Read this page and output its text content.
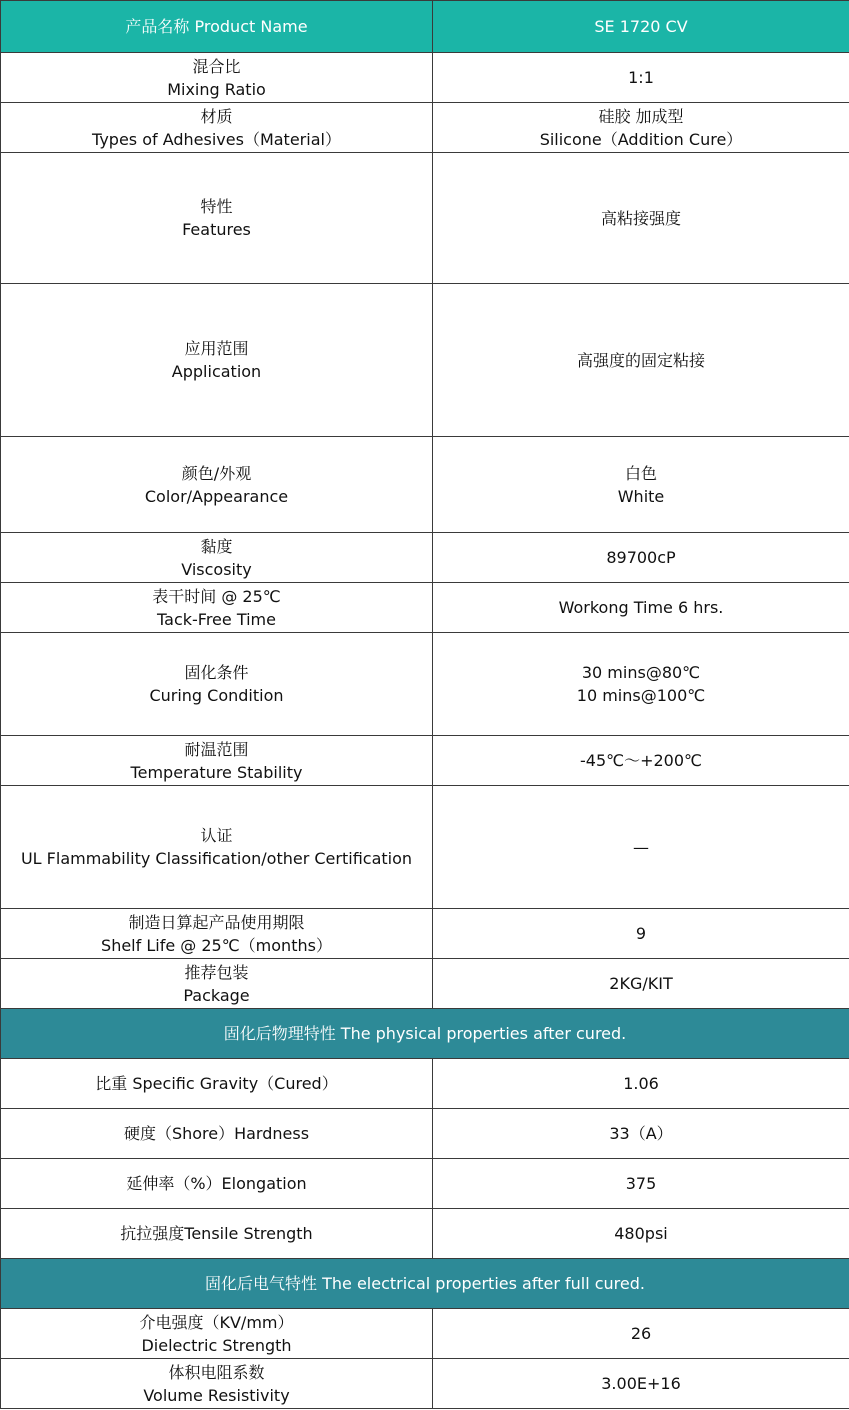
产品名称 Product Name	SE 1720 CV

混合比
Mixing Ratio	1:1

材质
Types of Adhesives（Material）	硅胶 加成型
Silicone（Addition Cure）

特性
Features	高粘接强度

应用范围
Application	高强度的固定粘接

颜色/外观
Color/Appearance	白色
White

黏度
Viscosity	89700cP

表干时间 @ 25℃
Tack-Free Time	Workong Time 6 hrs.

固化条件
Curing Condition	30 mins@80℃
10 mins@100℃

耐温范围
Temperature Stability	-45℃～+200℃

认证
UL Flammability Classification/other Certification	—

制造日算起产品使用期限
Shelf Life @ 25℃（months）	9

推荐包装
Package	2KG/KIT

固化后物理特性 The physical properties after cured.	
比重 Specific Gravity（Cured）	1.06
硬度（Shore）Hardness	33（A）
延伸率（%）Elongation	375
抗拉强度Tensile Strength	480psi
固化后电气特性 The electrical properties after full cured.	

介电强度（KV/mm）
Dielectric Strength	26

体积电阻系数
Volume Resistivity	3.00E+16
